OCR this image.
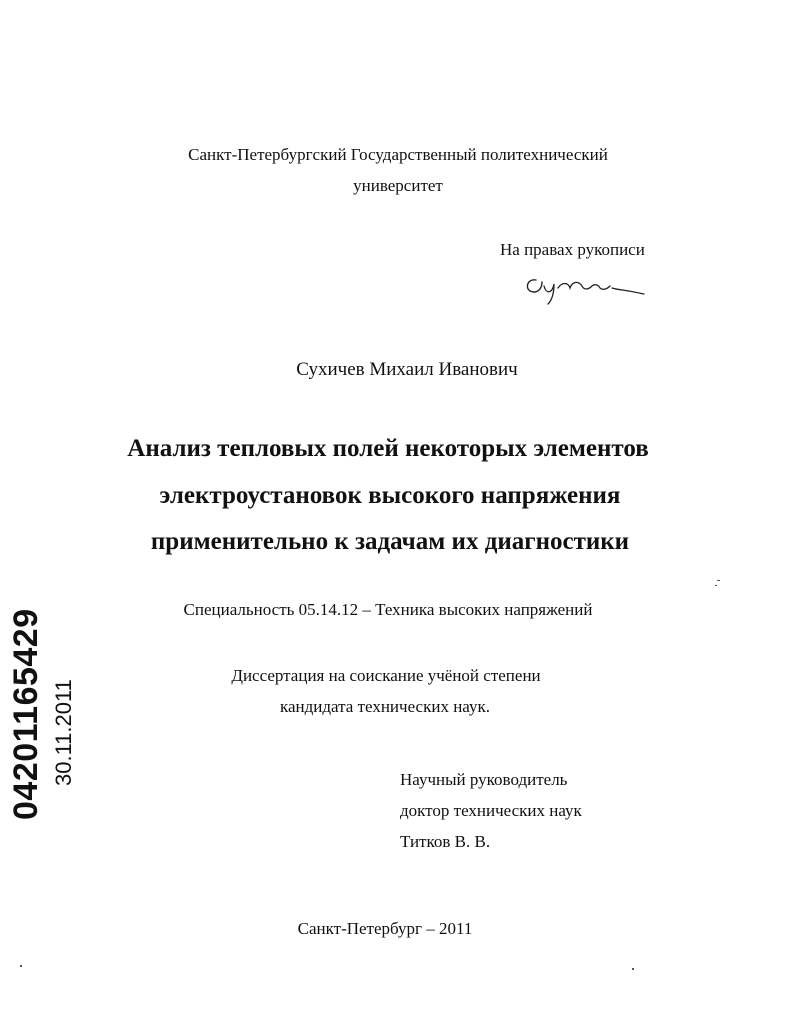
Санкт-Петербургский Государственный политехнический
университет
На правах рукописи
Сухичев Михаил Иванович
Анализ тепловых полей некоторых элементов
электроустановок высокого напряжения
применительно к задачам их диагностики
Специальность 05.14.12 – Техника высоких напряжений
Диссертация на соискание учёной степени
кандидата технических наук.
Научный руководитель
доктор технических наук
Титков В. В.
Санкт-Петербург – 2011
04201165429 30.11.2011
